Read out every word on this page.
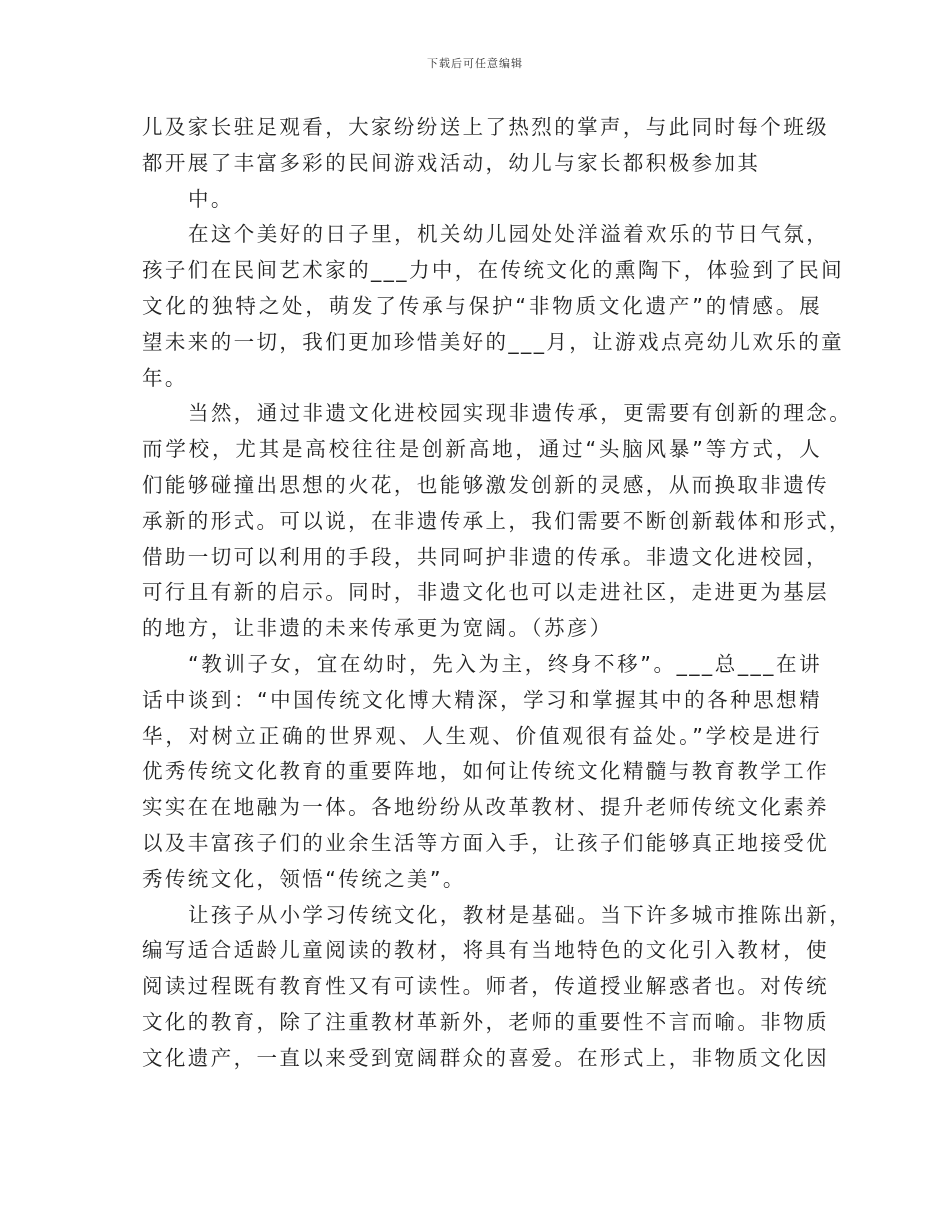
下载后可任意编辑
儿及家长驻足观看，大家纷纷送上了热烈的掌声，与此同时每个班级
都开展了丰富多彩的民间游戏活动，幼儿与家长都积极参加其
中。
在这个美好的日子里，机关幼儿园处处洋溢着欢乐的节日气氛，
孩子们在民间艺术家的___力中，在传统文化的熏陶下，体验到了民间
文化的独特之处，萌发了传承与保护“非物质文化遗产”的情感。展
望未来的一切，我们更加珍惜美好的___月，让游戏点亮幼儿欢乐的童
年。
当然，通过非遗文化进校园实现非遗传承，更需要有创新的理念。
而学校，尤其是高校往往是创新高地，通过“头脑风暴”等方式，人
们能够碰撞出思想的火花，也能够激发创新的灵感，从而换取非遗传
承新的形式。可以说，在非遗传承上，我们需要不断创新载体和形式，
借助一切可以利用的手段，共同呵护非遗的传承。非遗文化进校园，
可行且有新的启示。同时，非遗文化也可以走进社区，走进更为基层
的地方，让非遗的未来传承更为宽阔。（苏彦）
“教训子女，宜在幼时，先入为主，终身不移”。___总___在讲
话中谈到：“中国传统文化博大精深，学习和掌握其中的各种思想精
华，对树立正确的世界观、人生观、价值观很有益处。”学校是进行
优秀传统文化教育的重要阵地，如何让传统文化精髓与教育教学工作
实实在在地融为一体。各地纷纷从改革教材、提升老师传统文化素养
以及丰富孩子们的业余生活等方面入手，让孩子们能够真正地接受优
秀传统文化，领悟“传统之美”。
让孩子从小学习传统文化，教材是基础。当下许多城市推陈出新，
编写适合适龄儿童阅读的教材，将具有当地特色的文化引入教材，使
阅读过程既有教育性又有可读性。师者，传道授业解惑者也。对传统
文化的教育，除了注重教材革新外，老师的重要性不言而喻。非物质
文化遗产，一直以来受到宽阔群众的喜爱。在形式上，非物质文化因
